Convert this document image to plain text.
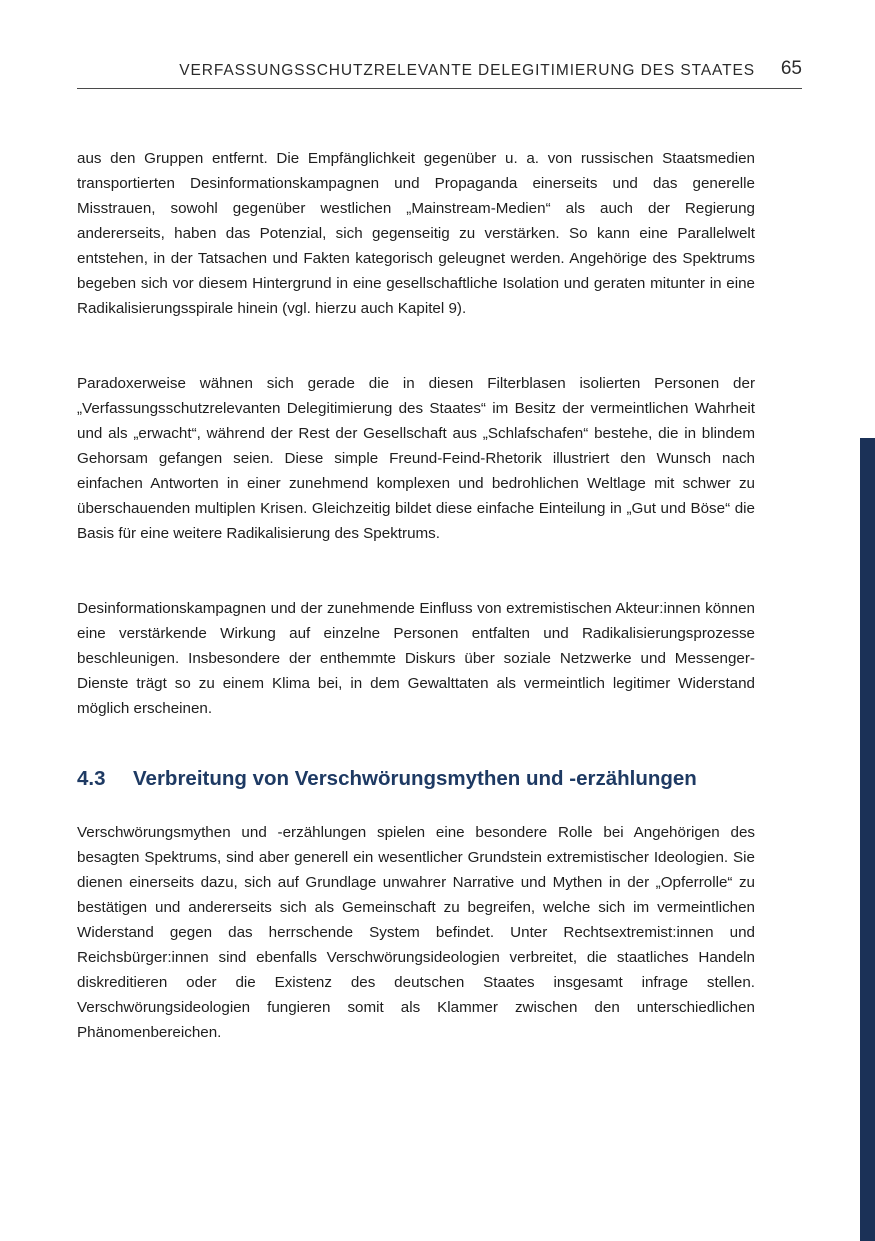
VERFASSUNGSSCHUTZRELEVANTE DELEGITIMIERUNG DES STAATES 65

aus den Gruppen entfernt. Die Empfänglichkeit gegenüber u. a. von russischen Staatsmedien transportierten Desinformationskampagnen und Propaganda einerseits und das generelle Misstrauen, sowohl gegenüber westlichen „Mainstream-Medien“ als auch der Regierung andererseits, haben das Potenzial, sich gegenseitig zu verstärken. So kann eine Parallelwelt entstehen, in der Tatsachen und Fakten kategorisch geleugnet werden. Angehörige des Spektrums begeben sich vor diesem Hintergrund in eine gesellschaftliche Isolation und geraten mitunter in eine Radikalisierungsspirale hinein (vgl. hierzu auch Kapitel 9).

Paradoxerweise wähnen sich gerade die in diesen Filterblasen isolierten Personen der „Verfassungsschutzrelevanten Delegitimierung des Staates“ im Besitz der vermeintlichen Wahrheit und als „erwacht“, während der Rest der Gesellschaft aus „Schlafschafen“ bestehe, die in blindem Gehorsam gefangen seien. Diese simple Freund-Feind-Rhetorik illustriert den Wunsch nach einfachen Antworten in einer zunehmend komplexen und bedrohlichen Weltlage mit schwer zu überschauenden multiplen Krisen. Gleichzeitig bildet diese einfache Einteilung in „Gut und Böse“ die Basis für eine weitere Radikalisierung des Spektrums.

Desinformationskampagnen und der zunehmende Einfluss von extremistischen Akteur:innen können eine verstärkende Wirkung auf einzelne Personen entfalten und Radikalisierungsprozesse beschleunigen. Insbesondere der enthemmte Diskurs über soziale Netzwerke und Messenger-Dienste trägt so zu einem Klima bei, in dem Gewalttaten als vermeintlich legitimer Widerstand möglich erscheinen.

4.3 Verbreitung von Verschwörungsmythen und -erzählungen

Verschwörungsmythen und -erzählungen spielen eine besondere Rolle bei Angehörigen des besagten Spektrums, sind aber generell ein wesentlicher Grundstein extremistischer Ideologien. Sie dienen einerseits dazu, sich auf Grundlage unwahrer Narrative und Mythen in der „Opferrolle“ zu bestätigen und andererseits sich als Gemeinschaft zu begreifen, welche sich im vermeintlichen Widerstand gegen das herrschende System befindet. Unter Rechtsextremist:innen und Reichsbürger:innen sind ebenfalls Verschwörungsideologien verbreitet, die staatliches Handeln diskreditieren oder die Existenz des deutschen Staates insgesamt infrage stellen. Verschwörungsideologien fungieren somit als Klammer zwischen den unterschiedlichen Phänomenbereichen.
